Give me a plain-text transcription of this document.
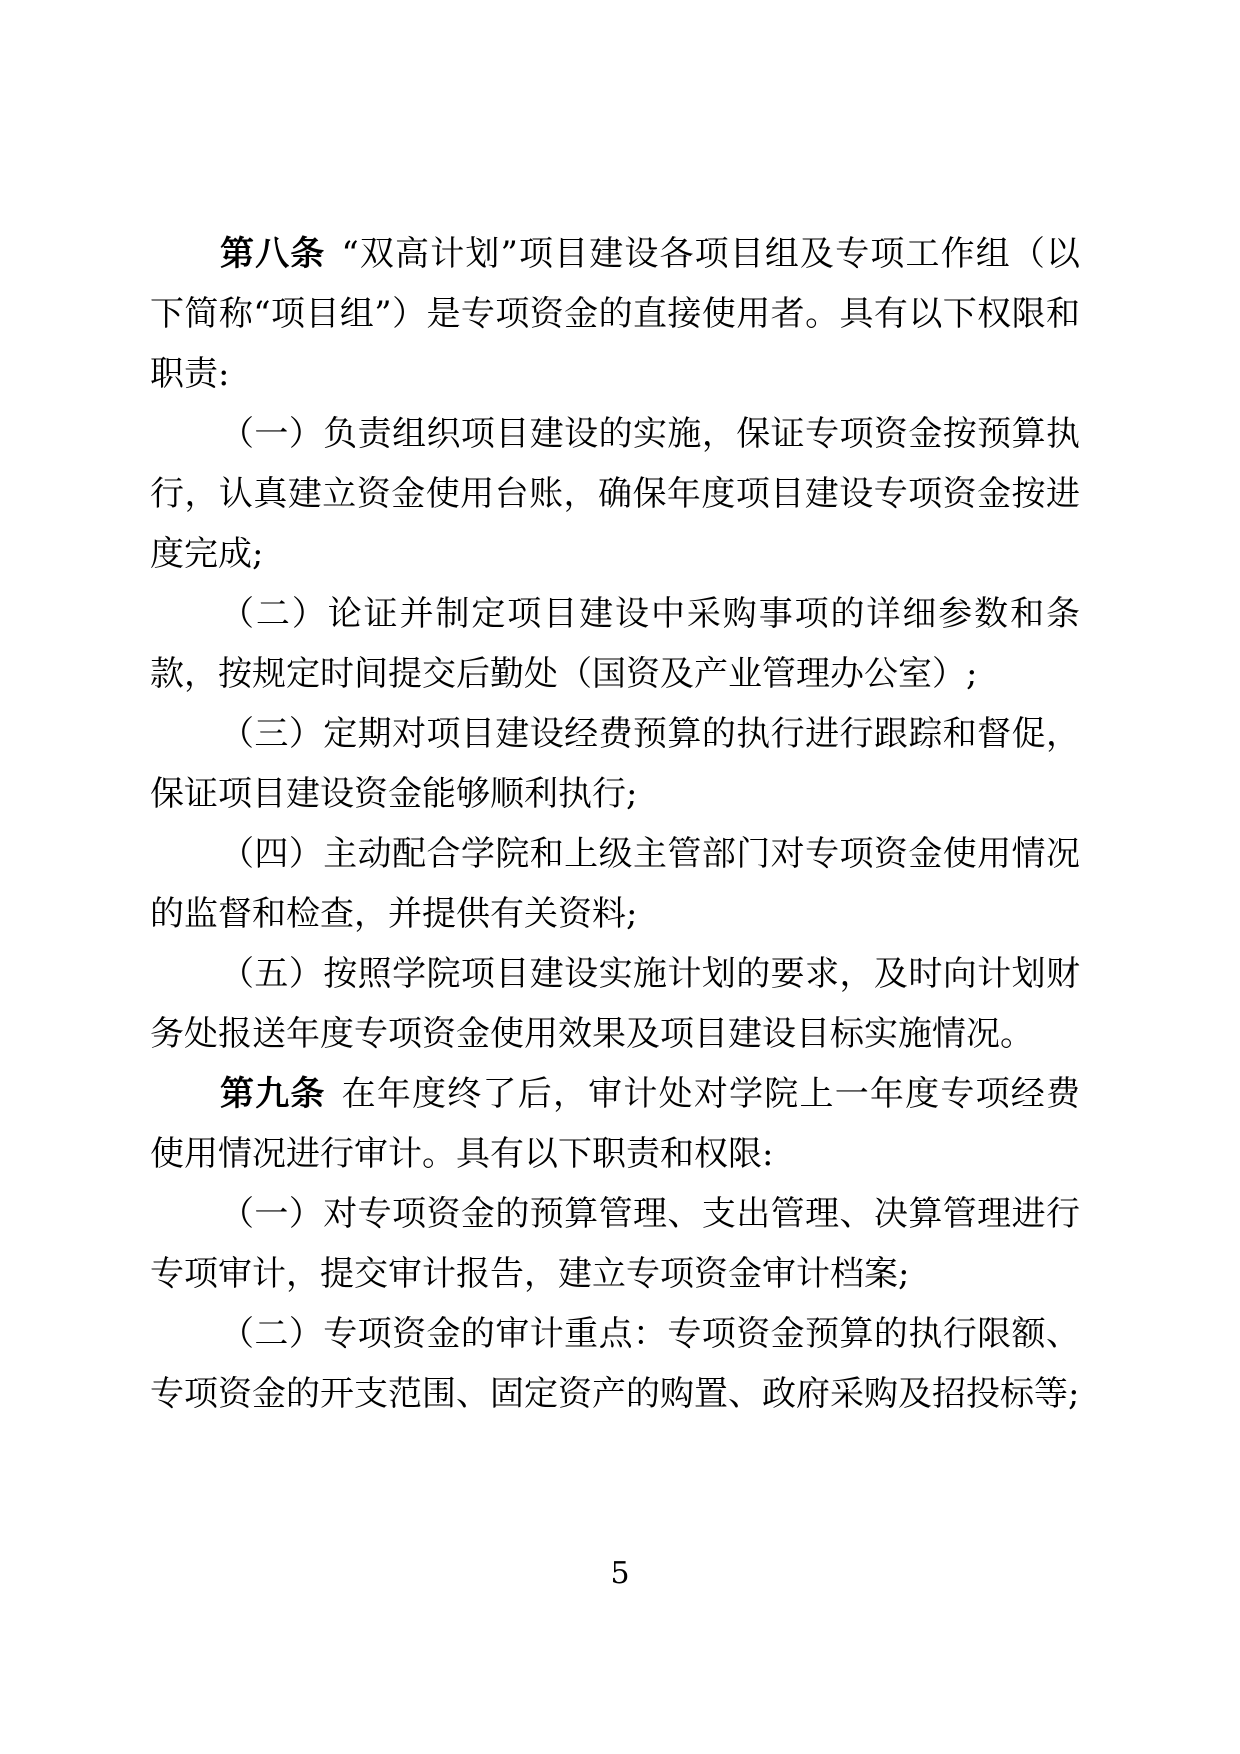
第八条 “双高计划”项目建设各项目组及专项工作组（以下简称“项目组”）是专项资金的直接使用者。具有以下权限和职责:

（一）负责组织项目建设的实施，保证专项资金按预算执行，认真建立资金使用台账，确保年度项目建设专项资金按进度完成;

（二）论证并制定项目建设中采购事项的详细参数和条款，按规定时间提交后勤处（国资及产业管理办公室）;

（三）定期对项目建设经费预算的执行进行跟踪和督促，保证项目建设资金能够顺利执行;

（四）主动配合学院和上级主管部门对专项资金使用情况的监督和检查，并提供有关资料;

（五）按照学院项目建设实施计划的要求，及时向计划财务处报送年度专项资金使用效果及项目建设目标实施情况。

第九条 在年度终了后，审计处对学院上一年度专项经费使用情况进行审计。具有以下职责和权限:

（一）对专项资金的预算管理、支出管理、决算管理进行专项审计，提交审计报告，建立专项资金审计档案;

（二）专项资金的审计重点：专项资金预算的执行限额、专项资金的开支范围、固定资产的购置、政府采购及招投标等;

5
